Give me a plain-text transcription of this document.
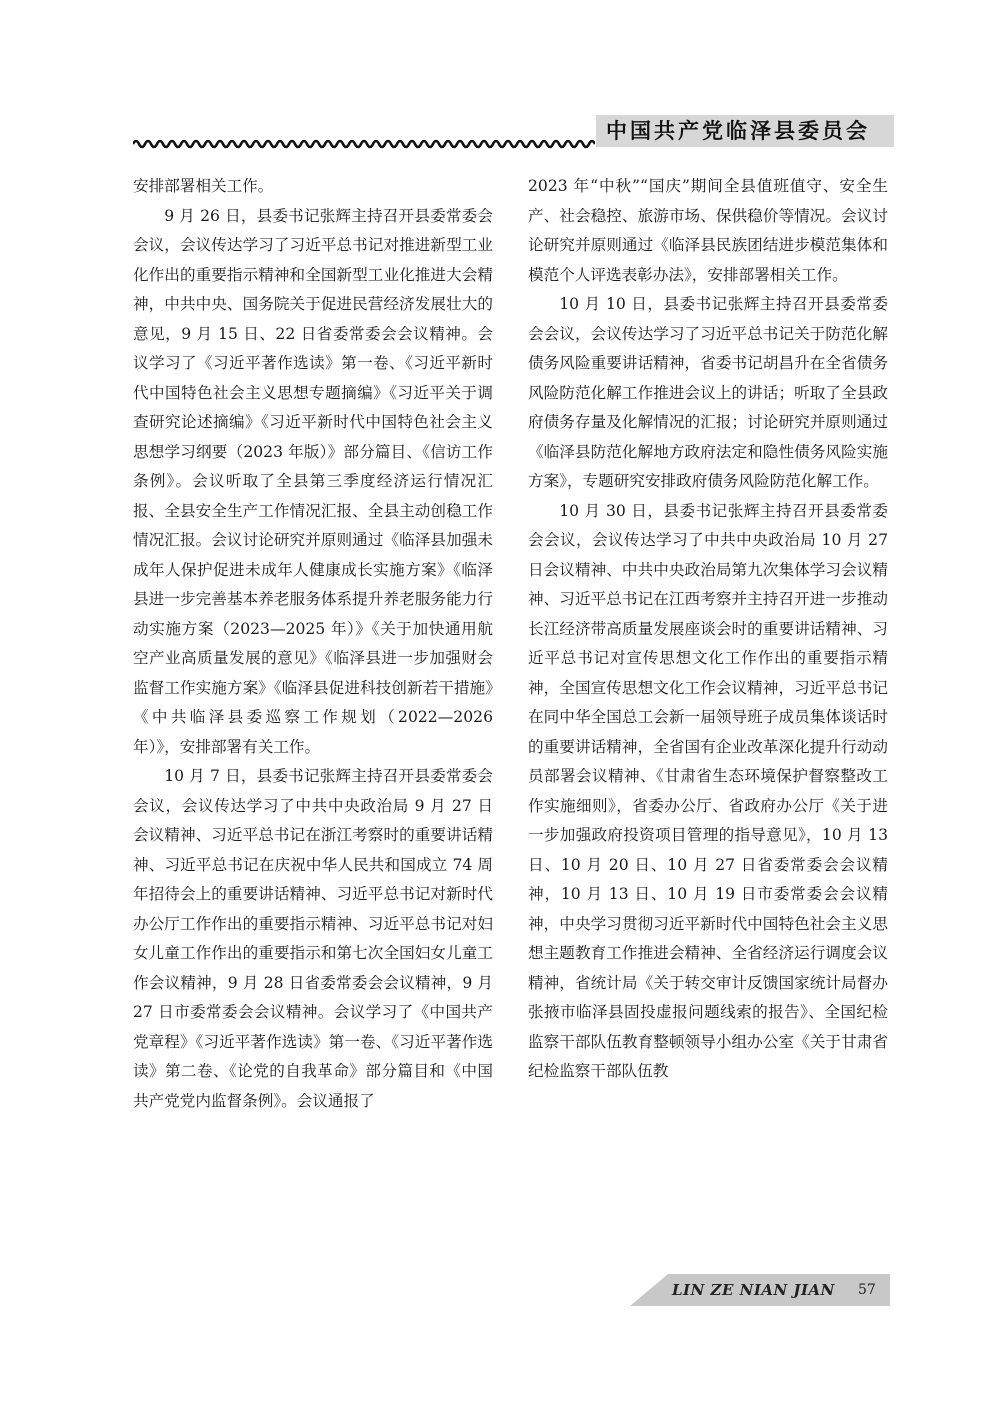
中国共产党临泽县委员会

安排部署相关工作。

9 月 26 日，县委书记张辉主持召开县委常委会会议，会议传达学习了习近平总书记对推进新型工业化作出的重要指示精神和全国新型工业化推进大会精神，中共中央、国务院关于促进民营经济发展壮大的意见，9 月 15 日、22 日省委常委会会议精神。会议学习了《习近平著作选读》第一卷、《习近平新时代中国特色社会主义思想专题摘编》《习近平关于调查研究论述摘编》《习近平新时代中国特色社会主义思想学习纲要（2023 年版）》部分篇目、《信访工作条例》。会议听取了全县第三季度经济运行情况汇报、全县安全生产工作情况汇报、全县主动创稳工作情况汇报。会议讨论研究并原则通过《临泽县加强未成年人保护促进未成年人健康成长实施方案》《临泽县进一步完善基本养老服务体系提升养老服务能力行动实施方案（2023—2025 年）》《关于加快通用航空产业高质量发展的意见》《临泽县进一步加强财会监督工作实施方案》《临泽县促进科技创新若干措施》《中共临泽县委巡察工作规划（2022—2026 年）》，安排部署有关工作。

10 月 7 日，县委书记张辉主持召开县委常委会会议，会议传达学习了中共中央政治局 9 月 27 日会议精神、习近平总书记在浙江考察时的重要讲话精神、习近平总书记在庆祝中华人民共和国成立 74 周年招待会上的重要讲话精神、习近平总书记对新时代办公厅工作作出的重要指示精神、习近平总书记对妇女儿童工作作出的重要指示和第七次全国妇女儿童工作会议精神，9 月 28 日省委常委会会议精神，9 月 27 日市委常委会会议精神。会议学习了《中国共产党章程》《习近平著作选读》第一卷、《习近平著作选读》第二卷、《论党的自我革命》部分篇目和《中国共产党党内监督条例》。会议通报了

2023 年“中秋”“国庆”期间全县值班值守、安全生产、社会稳控、旅游市场、保供稳价等情况。会议讨论研究并原则通过《临泽县民族团结进步模范集体和模范个人评选表彰办法》，安排部署相关工作。

10 月 10 日，县委书记张辉主持召开县委常委会会议，会议传达学习了习近平总书记关于防范化解债务风险重要讲话精神，省委书记胡昌升在全省债务风险防范化解工作推进会议上的讲话；听取了全县政府债务存量及化解情况的汇报；讨论研究并原则通过《临泽县防范化解地方政府法定和隐性债务风险实施方案》，专题研究安排政府债务风险防范化解工作。

10 月 30 日，县委书记张辉主持召开县委常委会会议，会议传达学习了中共中央政治局 10 月 27 日会议精神、中共中央政治局第九次集体学习会议精神、习近平总书记在江西考察并主持召开进一步推动长江经济带高质量发展座谈会时的重要讲话精神、习近平总书记对宣传思想文化工作作出的重要指示精神，全国宣传思想文化工作会议精神，习近平总书记在同中华全国总工会新一届领导班子成员集体谈话时的重要讲话精神，全省国有企业改革深化提升行动动员部署会议精神、《甘肃省生态环境保护督察整改工作实施细则》，省委办公厅、省政府办公厅《关于进一步加强政府投资项目管理的指导意见》，10 月 13 日、10 月 20 日、10 月 27 日省委常委会会议精神，10 月 13 日、10 月 19 日市委常委会会议精神，中央学习贯彻习近平新时代中国特色社会主义思想主题教育工作推进会精神、全省经济运行调度会议精神，省统计局《关于转交审计反馈国家统计局督办张掖市临泽县固投虚报问题线索的报告》、全国纪检监察干部队伍教育整顿领导小组办公室《关于甘肃省纪检监察干部队伍教

LIN ZE NIAN JIAN 57
